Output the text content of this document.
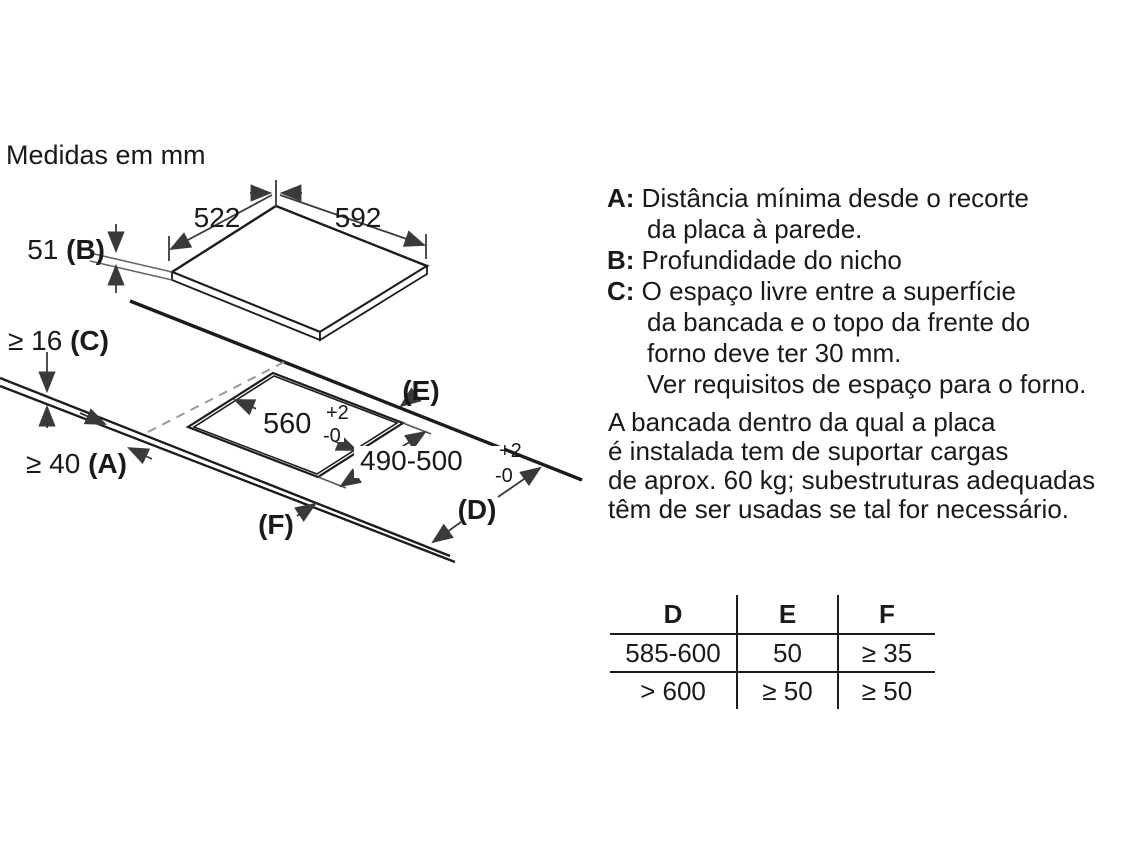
Medidas em mm
522	592
51 (B)
≥ 16 (C)
≥ 40 (A)
560 +2
-0
490-500 +2
-0
(E)
(D)
(F)
A: Distância mínima desde o recorte
da placa à parede.
B: Profundidade do nicho
C: O espaço livre entre a superfície
da bancada e o topo da frente do
forno deve ter 30 mm.
Ver requisitos de espaço para o forno.
A bancada dentro da qual a placa
é instalada tem de suportar cargas
de aprox. 60 kg; subestruturas adequadas
têm de ser usadas se tal for necessário.
D	E	F
585-600	50	≥ 35
> 600	≥ 50	≥ 50
